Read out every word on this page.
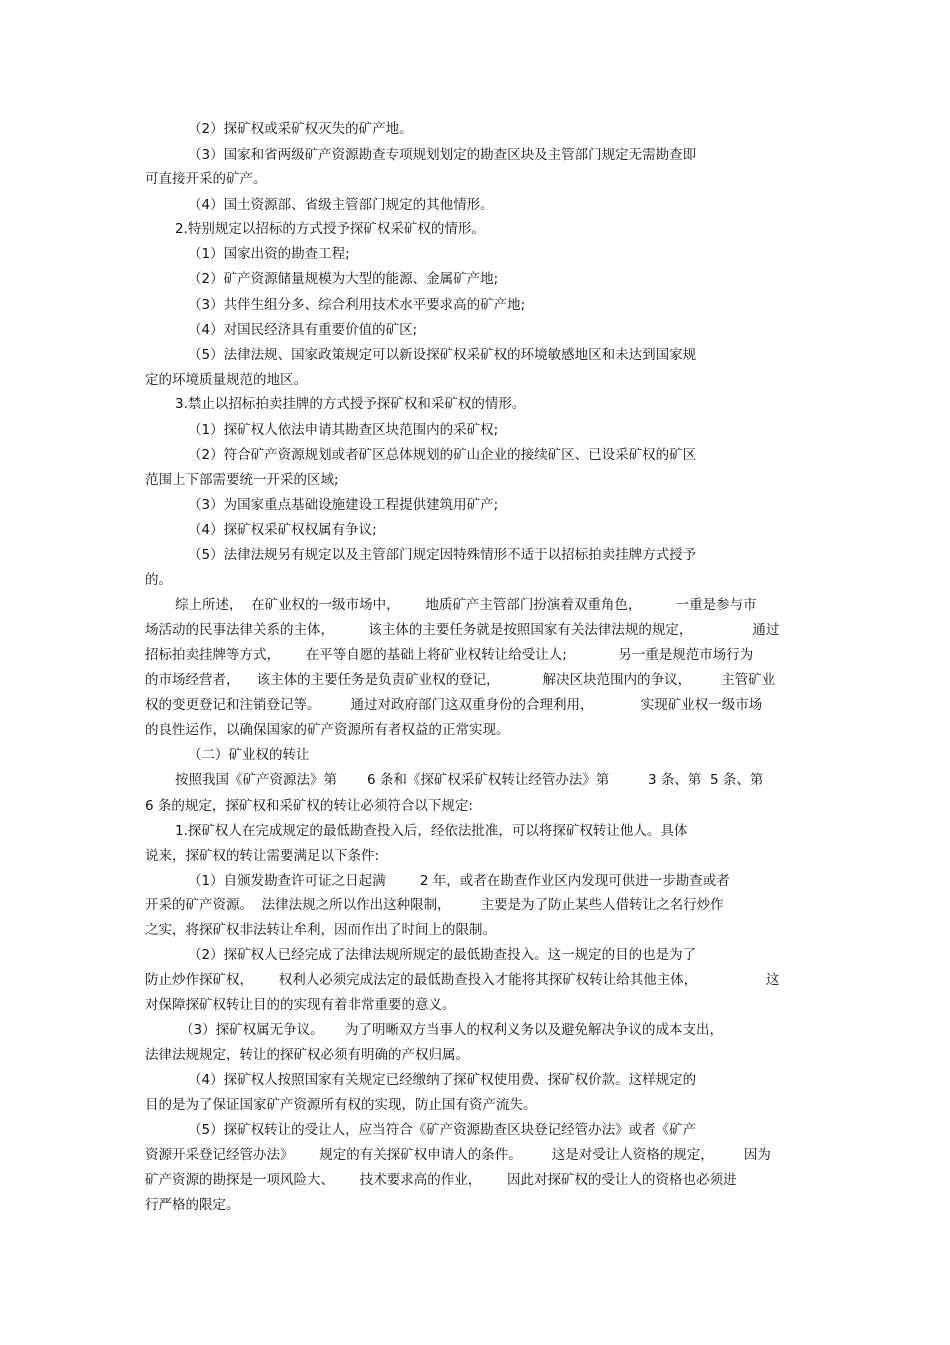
（2）探矿权或采矿权灭失的矿产地。
（3）国家和省两级矿产资源勘查专项规划划定的勘查区块及主管部门规定无需勘查即
可直接开采的矿产。
（4）国土资源部、省级主管部门规定的其他情形。
2.特别规定以招标的方式授予探矿权采矿权的情形。
（1）国家出资的勘查工程;
（2）矿产资源储量规模为大型的能源、金属矿产地;
（3）共伴生组分多、综合利用技术水平要求高的矿产地;
（4）对国民经济具有重要价值的矿区;
（5）法律法规、国家政策规定可以新设探矿权采矿权的环境敏感地区和未达到国家规
定的环境质量规范的地区。
3.禁止以招标拍卖挂牌的方式授予探矿权和采矿权的情形。
（1）探矿权人依法申请其勘查区块范围内的采矿权;
（2）符合矿产资源规划或者矿区总体规划的矿山企业的接续矿区、已设采矿权的矿区
范围上下部需要统一开采的区域;
（3）为国家重点基础设施建设工程提供建筑用矿产;
（4）探矿权采矿权权属有争议;
（5）法律法规另有规定以及主管部门规定因特殊情形不适于以招标拍卖挂牌方式授予
的。
综上所述，  在矿业权的一级市场中，      地质矿产主管部门扮演着双重角色，        一重是参与市
场活动的民事法律关系的主体，        该主体的主要任务就是按照国家有关法律法规的规定，              通过
招标拍卖挂牌等方式，      在平等自愿的基础上将矿业权转让给受让人;            另一重是规范市场行为
的市场经营者，    该主体的主要任务是负责矿业权的登记，          解决区块范围内的争议，       主管矿业
权的变更登记和注销登记等。       通过对政府部门这双重身份的合理利用，           实现矿业权一级市场
的良性运作，以确保国家的矿产资源所有者权益的正常实现。
（二）矿业权的转让
按照我国《矿产资源法》第       6 条和《探矿权采矿权转让经管办法》第         3 条、第  5 条、第
6 条的规定，探矿权和采矿权的转让必须符合以下规定:
1.探矿权人在完成规定的最低勘查投入后，经依法批准，可以将探矿权转让他人。具体
说来，探矿权的转让需要满足以下条件:
（1）自颁发勘查许可证之日起满        2 年，或者在勘查作业区内发现可供进一步勘查或者
开采的矿产资源。  法律法规之所以作出这种限制，       主要是为了防止某些人借转让之名行炒作
之实，将探矿权非法转让牟利，因而作出了时间上的限制。
（2）探矿权人已经完成了法律法规所规定的最低勘查投入。这一规定的目的也是为了
防止炒作探矿权，      权利人必须完成法定的最低勘查投入才能将其探矿权转让给其他主体，                这
对保障探矿权转让目的的实现有着非常重要的意义。
（3）探矿权属无争议。     为了明晰双方当事人的权利义务以及避免解决争议的成本支出，
法律法规规定，转让的探矿权必须有明确的产权归属。
（4）探矿权人按照国家有关规定已经缴纳了探矿权使用费、探矿权价款。这样规定的
目的是为了保证国家矿产资源所有权的实现，防止国有资产流失。
（5）探矿权转让的受让人，应当符合《矿产资源勘查区块登记经管办法》或者《矿产
资源开采登记经管办法》      规定的有关探矿权申请人的条件。       这是对受让人资格的规定，       因为
矿产资源的勘探是一项风险大、      技术要求高的作业，      因此对探矿权的受让人的资格也必须进
行严格的限定。
